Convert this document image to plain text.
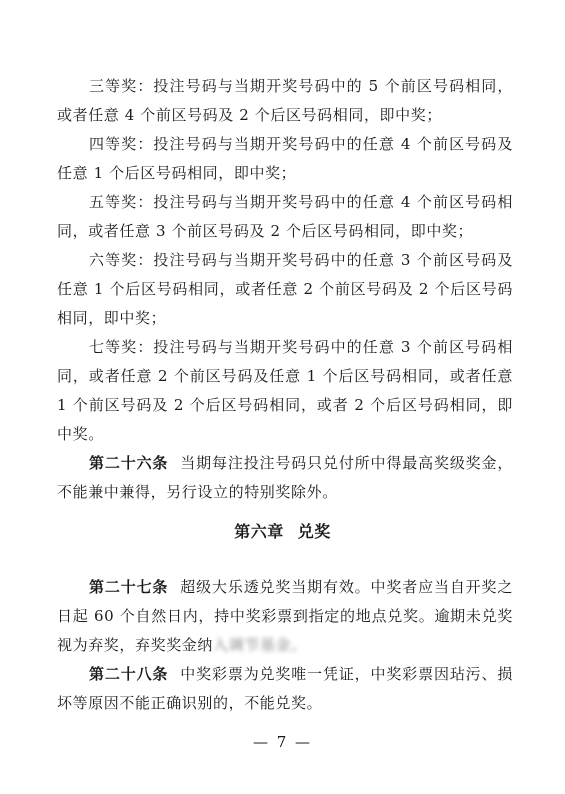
三等奖：投注号码与当期开奖号码中的 5 个前区号码相同，或者任意 4 个前区号码及 2 个后区号码相同，即中奖；

四等奖：投注号码与当期开奖号码中的任意 4 个前区号码及任意 1 个后区号码相同，即中奖；

五等奖：投注号码与当期开奖号码中的任意 4 个前区号码相同，或者任意 3 个前区号码及 2 个后区号码相同，即中奖；

六等奖：投注号码与当期开奖号码中的任意 3 个前区号码及任意 1 个后区号码相同，或者任意 2 个前区号码及 2 个后区号码相同，即中奖；

七等奖：投注号码与当期开奖号码中的任意 3 个前区号码相同，或者任意 2 个前区号码及任意 1 个后区号码相同，或者任意 1 个前区号码及 2 个后区号码相同，或者 2 个后区号码相同，即中奖。

第二十六条 当期每注投注号码只兑付所中得最高奖级奖金，不能兼中兼得，另行设立的特别奖除外。

第六章 兑奖

第二十七条 超级大乐透兑奖当期有效。中奖者应当自开奖之日起 60 个自然日内，持中奖彩票到指定的地点兑奖。逾期未兑奖视为弃奖，弃奖奖金纳入调节基金。

第二十八条 中奖彩票为兑奖唯一凭证，中奖彩票因玷污、损坏等原因不能正确识别的，不能兑奖。

— 7 —
